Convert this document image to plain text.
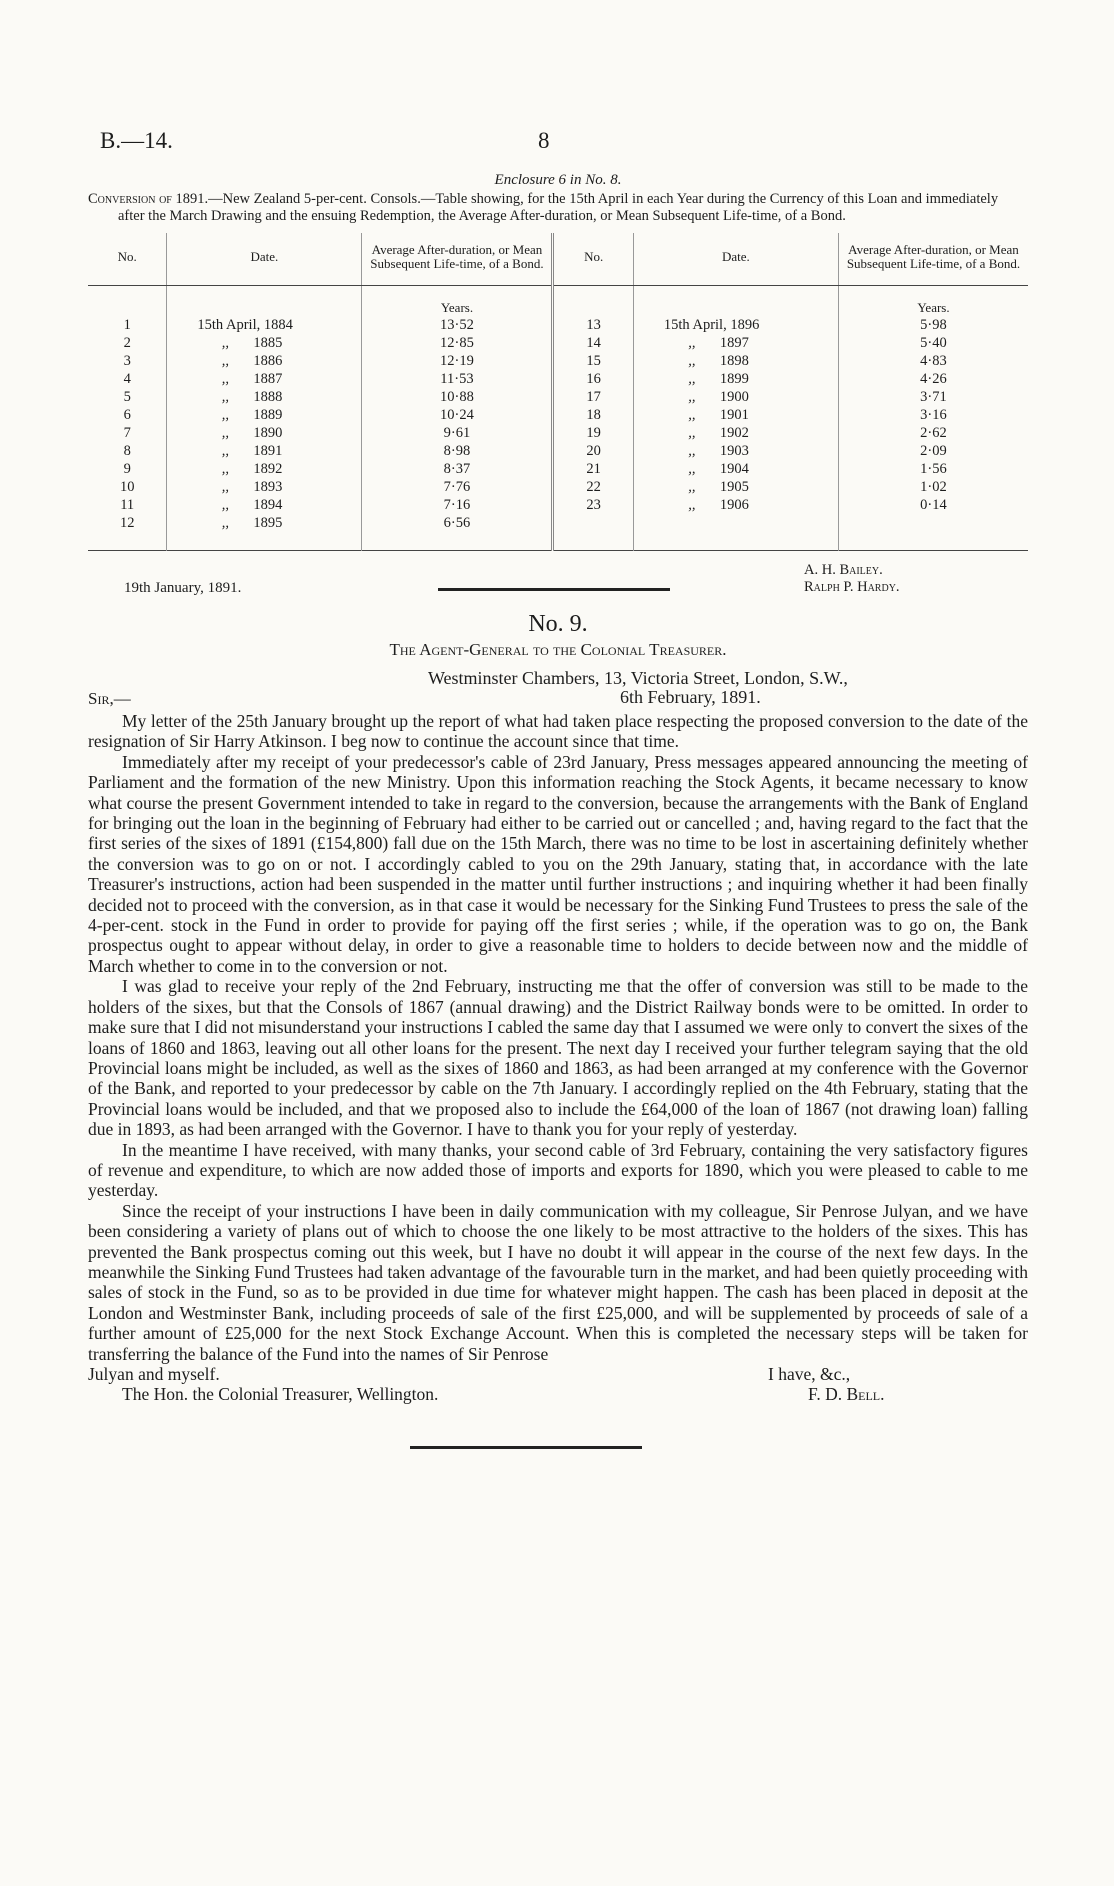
B.—14.	8
Enclosure 6 in No. 8.
Conversion of 1891.—New Zealand 5-per-cent. Consols.—Table showing, for the 15th April in each Year during the Currency of this Loan and immediately after the March Drawing and the ensuing Redemption, the Average After-duration, or Mean Subsequent Life-time, of a Bond.
No.	Date.	Average After-duration, or Mean Subsequent Life-time, of a Bond.	No.	Date.	Average After-duration, or Mean Subsequent Life-time, of a Bond.
		Years.			Years.
1	15th April, 1884	13·52	13	15th April, 1896	5·98
2	,, 1885	12·85	14	,, 1897	5·40
3	,, 1886	12·19	15	,, 1898	4·83
4	,, 1887	11·53	16	,, 1899	4·26
5	,, 1888	10·88	17	,, 1900	3·71
6	,, 1889	10·24	18	,, 1901	3·16
7	,, 1890	9·61	19	,, 1902	2·62
8	,, 1891	8·98	20	,, 1903	2·09
9	,, 1892	8·37	21	,, 1904	1·56
10	,, 1893	7·76	22	,, 1905	1·02
11	,, 1894	7·16	23	,, 1906	0·14
12	,, 1895	6·56			

19th January, 1891.
A. H. Bailey.
Ralph P. Hardy.
No. 9.
The Agent-General to the Colonial Treasurer.
Westminster Chambers, 13, Victoria Street, London, S.W.,
Sir,—	6th February, 1891.

My letter of the 25th January brought up the report of what had taken place respecting the proposed conversion to the date of the resignation of Sir Harry Atkinson. I beg now to continue the account since that time.

Immediately after my receipt of your predecessor's cable of 23rd January, Press messages appeared announcing the meeting of Parliament and the formation of the new Ministry. Upon this information reaching the Stock Agents, it became necessary to know what course the present Government intended to take in regard to the conversion, because the arrangements with the Bank of England for bringing out the loan in the beginning of February had either to be carried out or cancelled ; and, having regard to the fact that the first series of the sixes of 1891 (£154,800) fall due on the 15th March, there was no time to be lost in ascertaining definitely whether the conversion was to go on or not. I accordingly cabled to you on the 29th January, stating that, in accordance with the late Treasurer's instructions, action had been suspended in the matter until further instructions ; and inquiring whether it had been finally decided not to proceed with the conversion, as in that case it would be necessary for the Sinking Fund Trustees to press the sale of the 4-per-cent. stock in the Fund in order to provide for paying off the first series ; while, if the operation was to go on, the Bank prospectus ought to appear without delay, in order to give a reasonable time to holders to decide between now and the middle of March whether to come in to the conversion or not.

I was glad to receive your reply of the 2nd February, instructing me that the offer of conversion was still to be made to the holders of the sixes, but that the Consols of 1867 (annual drawing) and the District Railway bonds were to be omitted. In order to make sure that I did not misunderstand your instructions I cabled the same day that I assumed we were only to convert the sixes of the loans of 1860 and 1863, leaving out all other loans for the present. The next day I received your further telegram saying that the old Provincial loans might be included, as well as the sixes of 1860 and 1863, as had been arranged at my conference with the Governor of the Bank, and reported to your predecessor by cable on the 7th January. I accordingly replied on the 4th February, stating that the Provincial loans would be included, and that we proposed also to include the £64,000 of the loan of 1867 (not drawing loan) falling due in 1893, as had been arranged with the Governor. I have to thank you for your reply of yesterday.

In the meantime I have received, with many thanks, your second cable of 3rd February, containing the very satisfactory figures of revenue and expenditure, to which are now added those of imports and exports for 1890, which you were pleased to cable to me yesterday.

Since the receipt of your instructions I have been in daily communication with my colleague, Sir Penrose Julyan, and we have been considering a variety of plans out of which to choose the one likely to be most attractive to the holders of the sixes. This has prevented the Bank prospectus coming out this week, but I have no doubt it will appear in the course of the next few days. In the meanwhile the Sinking Fund Trustees had taken advantage of the favourable turn in the market, and had been quietly proceeding with sales of stock in the Fund, so as to be provided in due time for whatever might happen. The cash has been placed in deposit at the London and Westminster Bank, including proceeds of sale of the first £25,000, and will be supplemented by proceeds of sale of a further amount of £25,000 for the next Stock Exchange Account. When this is completed the necessary steps will be taken for transferring the balance of the Fund into the names of Sir Penrose

Julyan and myself.
The Hon. the Colonial Treasurer, Wellington.
I have, &c.,
F. D. Bell.
